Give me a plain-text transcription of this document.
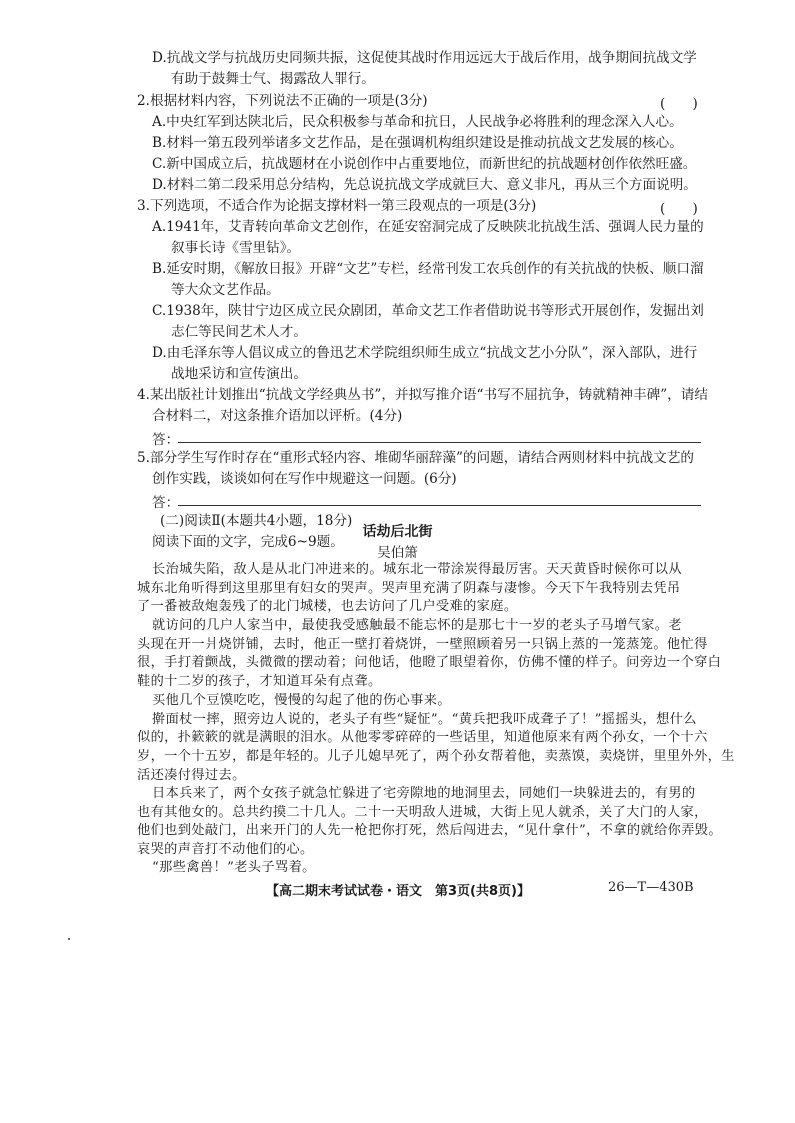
D.抗战文学与抗战历史同频共振，这促使其战时作用远远大于战后作用，战争期间抗战文学
有助于鼓舞士气、揭露敌人罪行。
2.根据材料内容，下列说法不正确的一项是(3分)	(　　)
A.中央红军到达陕北后，民众积极参与革命和抗日，人民战争必将胜利的理念深入人心。
B.材料一第五段列举诸多文艺作品，是在强调机构组织建设是推动抗战文艺发展的核心。
C.新中国成立后，抗战题材在小说创作中占重要地位，而新世纪的抗战题材创作依然旺盛。
D.材料二第二段采用总分结构，先总说抗战文学成就巨大、意义非凡，再从三个方面说明。
3.下列选项，不适合作为论据支撑材料一第三段观点的一项是(3分)	(　　)
A.1941年，艾青转向革命文艺创作，在延安窑洞完成了反映陕北抗战生活、强调人民力量的
叙事长诗《雪里钻》。
B.延安时期，《解放日报》开辟“文艺”专栏，经常刊发工农兵创作的有关抗战的快板、顺口溜
等大众文艺作品。
C.1938年，陕甘宁边区成立民众剧团，革命文艺工作者借助说书等形式开展创作，发掘出刘
志仁等民间艺术人才。
D.由毛泽东等人倡议成立的鲁迅艺术学院组织师生成立“抗战文艺小分队”，深入部队，进行
战地采访和宣传演出。
4.某出版社计划推出“抗战文学经典丛书”，并拟写推介语“书写不屈抗争，铸就精神丰碑”，请结
合材料二，对这条推介语加以评析。(4分)
答：
5.部分学生写作时存在“重形式轻内容、堆砌华丽辞藻”的问题，请结合两则材料中抗战文艺的
创作实践，谈谈如何在写作中规避这一问题。(6分)
答：
(二)阅读Ⅱ(本题共4小题，18分)
阅读下面的文字，完成6~9题。
话劫后北街
吴伯箫
【高二期末考试试卷・语文　第3页(共8页)】	26—T—430B
长治城失陷，敌人是从北门冲进来的。城东北一带涂炭得最厉害。天天黄昏时候你可以从
城东北角听得到这里那里有妇女的哭声。哭声里充满了阴森与凄惨。今天下午我特别去凭吊
了一番被敌炮轰残了的北门城楼，也去访问了几户受难的家庭。
就访问的几户人家当中，最使我受感触最不能忘怀的是那七十一岁的老头子马增气家。老
头现在开一爿烧饼铺，去时，他正一壁打着烧饼，一壁照顾着另一只锅上蒸的一笼蒸笼。他忙得
很，手打着颤战，头微微的摆动着；问他话，他瞪了眼望着你，仿佛不懂的样子。问旁边一个穿白
鞋的十二岁的孩子，才知道耳朵有点聋。
买他几个豆馍吃吃，慢慢的勾起了他的伤心事来。
擀面杖一摔，照旁边人说的，老头子有些“疑怔”。“黄兵把我吓成聋子了！”摇摇头，想什么
似的，扑簌簌的就是满眼的泪水。从他零零碎碎的一些话里，知道他原来有两个孙女，一个十六
岁，一个十五岁，都是年轻的。儿子儿媳早死了，两个孙女帮着他，卖蒸馍，卖烧饼，里里外外，生
活还凑付得过去。
日本兵来了，两个女孩子就急忙躲进了宅旁隙地的地洞里去，同她们一块躲进去的，有男的
也有其他女的。总共约摸二十几人。二十一天明敌人进城，大街上见人就杀，关了大门的人家，
他们也到处敲门，出来开门的人先一枪把你打死，然后闯进去，“见什拿什”，不拿的就给你弄毁。
哀哭的声音打不动他们的心。
“那些禽兽！”老头子骂着。
